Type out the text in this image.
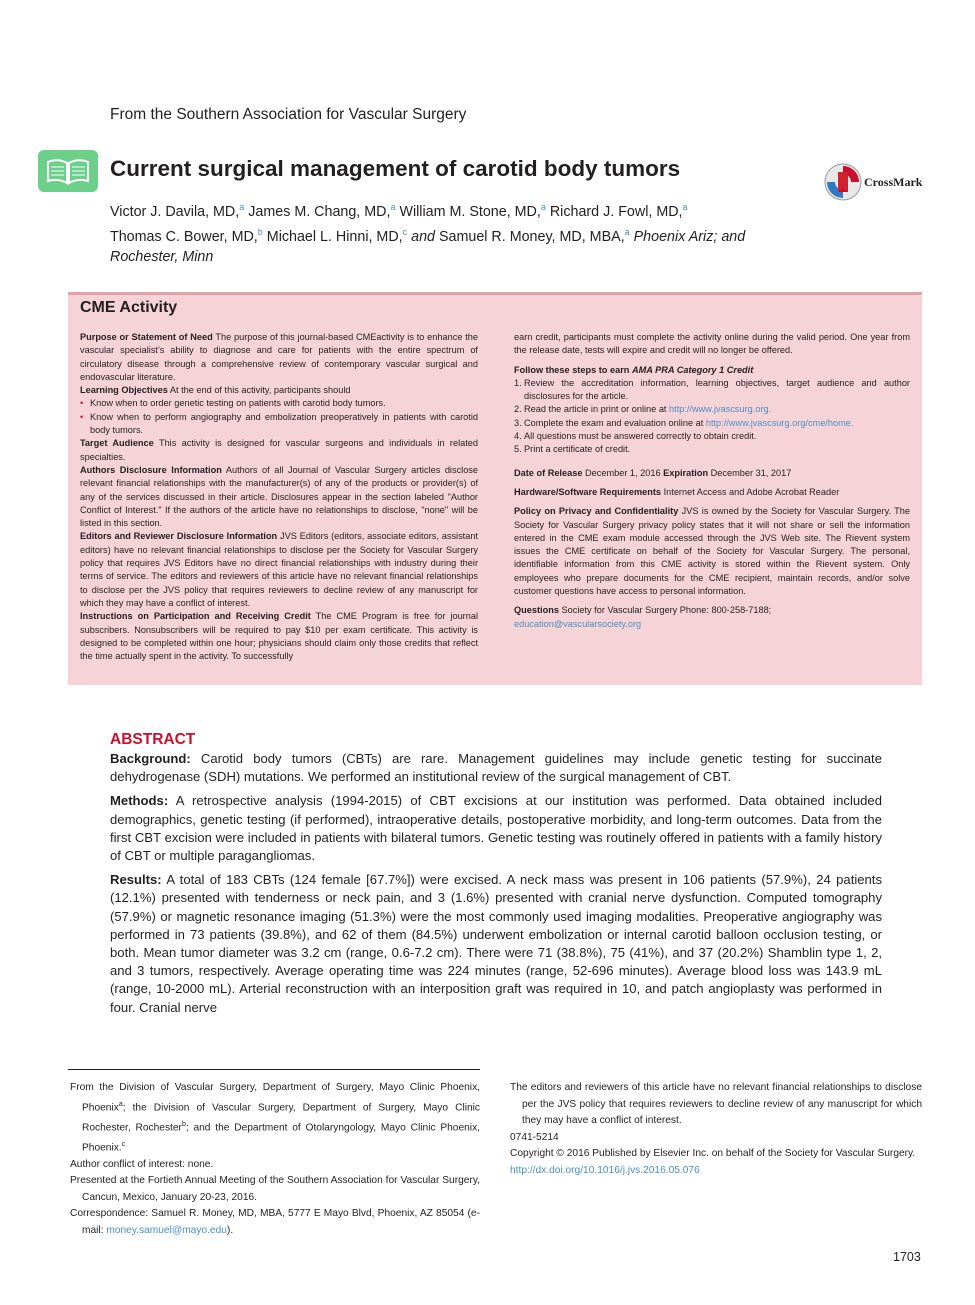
From the Southern Association for Vascular Surgery
Current surgical management of carotid body tumors
CrossMark
Victor J. Davila, MD,$^a$ James M. Chang, MD,$^a$ William M. Stone, MD,$^a$ Richard J. Fowl, MD,$^a$
Thomas C. Bower, MD,$^b$ Michael L. Hinni, MD,$^c$ and Samuel R. Money, MD, MBA,$^a$ Phoenix Ariz; and Rochester, Minn
CME Activity

Purpose or Statement of Need The purpose of this journal-based CMEactivity is to enhance the vascular specialist's ability to diagnose and care for patients with the entire spectrum of circulatory disease through a comprehensive review of contemporary vascular surgical and endovascular literature.

Learning Objectives At the end of this activity, participants should

• Know when to order genetic testing on patients with carotid body tumors.
• Know when to perform angiography and embolization preoperatively in patients with carotid body tumors.

Target Audience This activity is designed for vascular surgeons and individuals in related specialties.

Authors Disclosure Information Authors of all Journal of Vascular Surgery articles disclose relevant financial relationships with the manufacturer(s) of any of the products or provider(s) of any of the services discussed in their article. Disclosures appear in the section labeled "Author Conflict of Interest." If the authors of the article have no relationships to disclose, "none" will be listed in this section.

Editors and Reviewer Disclosure Information JVS Editors (editors, associate editors, assistant editors) have no relevant financial relationships to disclose per the Society for Vascular Surgery policy that requires JVS Editors have no direct financial relationships with industry during their terms of service. The editors and reviewers of this article have no relevant financial relationships to disclose per the JVS policy that requires reviewers to decline review of any manuscript for which they may have a conflict of interest.

Instructions on Participation and Receiving Credit The CME Program is free for journal subscribers. Nonsubscribers will be required to pay $10 per exam certificate. This activity is designed to be completed within one hour; physicians should claim only those credits that reflect the time actually spent in the activity. To successfully

earn credit, participants must complete the activity online during the valid period. One year from the release date, tests will expire and credit will no longer be offered.

Follow these steps to earn AMA PRA Category 1 Credit

1. Review the accreditation information, learning objectives, target audience and author disclosures for the article.
2. Read the article in print or online at http://www.jvascsurg.org.
3. Complete the exam and evaluation online at http://www.jvascsurg.org/cme/home.
4. All questions must be answered correctly to obtain credit.
5. Print a certificate of credit.

Date of Release December 1, 2016 Expiration December 31, 2017

Hardware/Software Requirements Internet Access and Adobe Acrobat Reader

Policy on Privacy and Confidentiality JVS is owned by the Society for Vascular Surgery. The Society for Vascular Surgery privacy policy states that it will not share or sell the information entered in the CME exam module accessed through the JVS Web site. The Rievent system issues the CME certificate on behalf of the Society for Vascular Surgery. The personal, identifiable information from this CME activity is stored within the Rievent system. Only employees who prepare documents for the CME recipient, maintain records, and/or solve customer questions have access to personal information.

Questions Society for Vascular Surgery Phone: 800-258-7188;
education@vascularsociety.org

ABSTRACT

Background: Carotid body tumors (CBTs) are rare. Management guidelines may include genetic testing for succinate dehydrogenase (SDH) mutations. We performed an institutional review of the surgical management of CBT.

Methods: A retrospective analysis (1994-2015) of CBT excisions at our institution was performed. Data obtained included demographics, genetic testing (if performed), intraoperative details, postoperative morbidity, and long-term outcomes. Data from the first CBT excision were included in patients with bilateral tumors. Genetic testing was routinely offered in patients with a family history of CBT or multiple paragangliomas.

Results: A total of 183 CBTs (124 female [67.7%]) were excised. A neck mass was present in 106 patients (57.9%), 24 patients (12.1%) presented with tenderness or neck pain, and 3 (1.6%) presented with cranial nerve dysfunction. Computed tomography (57.9%) or magnetic resonance imaging (51.3%) were the most commonly used imaging modalities. Preoperative angiography was performed in 73 patients (39.8%), and 62 of them (84.5%) underwent embolization or internal carotid balloon occlusion testing, or both. Mean tumor diameter was 3.2 cm (range, 0.6-7.2 cm). There were 71 (38.8%), 75 (41%), and 37 (20.2%) Shamblin type 1, 2, and 3 tumors, respectively. Average operating time was 224 minutes (range, 52-696 minutes). Average blood loss was 143.9 mL (range, 10-2000 mL). Arterial reconstruction with an interposition graft was required in 10, and patch angioplasty was performed in four. Cranial nerve

From the Division of Vascular Surgery, Department of Surgery, Mayo Clinic Phoenix, Phoenix$^a$; the Division of Vascular Surgery, Department of Surgery, Mayo Clinic Rochester, Rochester$^b$; and the Department of Otolaryngology, Mayo Clinic Phoenix, Phoenix.$^c$

Author conflict of interest: none.

Presented at the Fortieth Annual Meeting of the Southern Association for Vascular Surgery, Cancun, Mexico, January 20-23, 2016.

Correspondence: Samuel R. Money, MD, MBA, 5777 E Mayo Blvd, Phoenix, AZ 85054 (e-mail: money.samuel@mayo.edu).

The editors and reviewers of this article have no relevant financial relationships to disclose per the JVS policy that requires reviewers to decline review of any manuscript for which they may have a conflict of interest.

0741-5214

Copyright © 2016 Published by Elsevier Inc. on behalf of the Society for Vascular Surgery.

http://dx.doi.org/10.1016/j.jvs.2016.05.076

1703
